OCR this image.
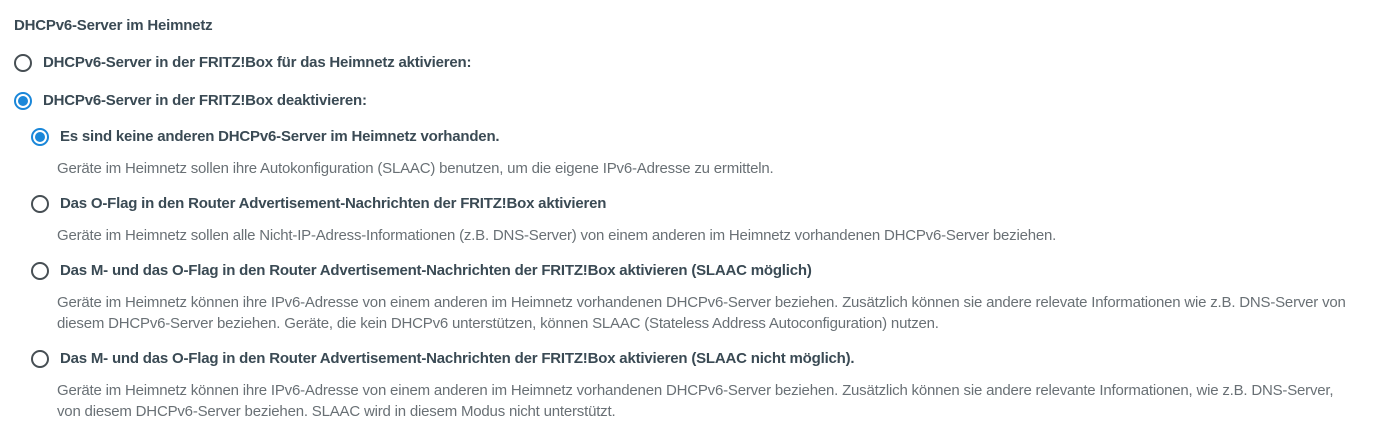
DHCPv6-Server im Heimnetz
DHCPv6-Server in der FRITZ!Box für das Heimnetz aktivieren:
DHCPv6-Server in der FRITZ!Box deaktivieren:
Es sind keine anderen DHCPv6-Server im Heimnetz vorhanden.
Geräte im Heimnetz sollen ihre Autokonfiguration (SLAAC) benutzen, um die eigene IPv6-Adresse zu ermitteln.
Das O-Flag in den Router Advertisement-Nachrichten der FRITZ!Box aktivieren
Geräte im Heimnetz sollen alle Nicht-IP-Adress-Informationen (z.B. DNS-Server) von einem anderen im Heimnetz vorhandenen DHCPv6-Server beziehen.
Das M- und das O-Flag in den Router Advertisement-Nachrichten der FRITZ!Box aktivieren (SLAAC möglich)
Geräte im Heimnetz können ihre IPv6-Adresse von einem anderen im Heimnetz vorhandenen DHCPv6-Server beziehen. Zusätzlich können sie andere relevate Informationen wie z.B. DNS-Server von diesem DHCPv6-Server beziehen. Geräte, die kein DHCPv6 unterstützen, können SLAAC (Stateless Address Autoconfiguration) nutzen.
Das M- und das O-Flag in den Router Advertisement-Nachrichten der FRITZ!Box aktivieren (SLAAC nicht möglich).
Geräte im Heimnetz können ihre IPv6-Adresse von einem anderen im Heimnetz vorhandenen DHCPv6-Server beziehen. Zusätzlich können sie andere relevante Informationen, wie z.B. DNS-Server, von diesem DHCPv6-Server beziehen. SLAAC wird in diesem Modus nicht unterstützt.
